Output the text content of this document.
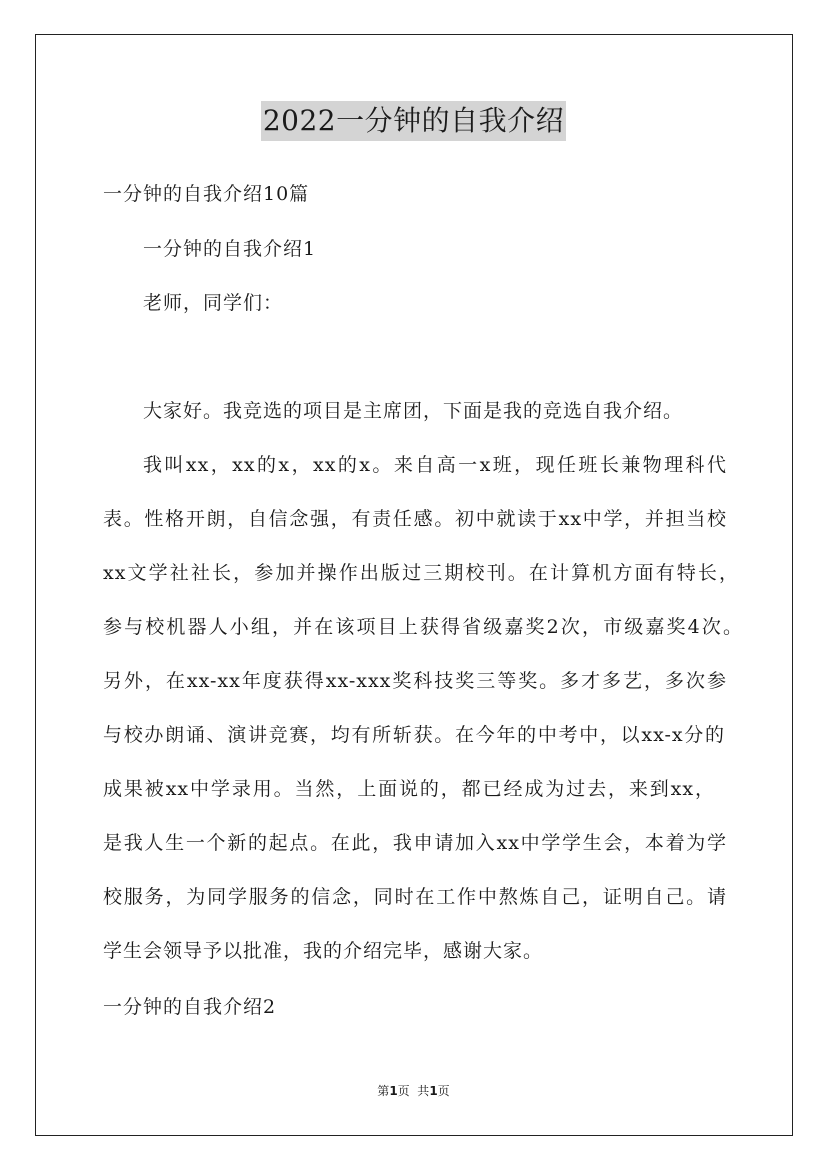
2022一分钟的自我介绍
一分钟的自我介绍10篇
一分钟的自我介绍1
老师，同学们：
大家好。我竞选的项目是主席团，下面是我的竞选自我介绍。
我叫xx，xx的x，xx的x。来自高一x班，现任班长兼物理科代
表。性格开朗，自信念强，有责任感。初中就读于xx中学，并担当校
xx文学社社长，参加并操作出版过三期校刊。在计算机方面有特长，
参与校机器人小组，并在该项目上获得省级嘉奖2次，市级嘉奖4次。
另外，在xx-xx年度获得xx-xxx奖科技奖三等奖。多才多艺，多次参
与校办朗诵、演讲竞赛，均有所斩获。在今年的中考中，以xx-x分的
成果被xx中学录用。当然，上面说的，都已经成为过去，来到xx，
是我人生一个新的起点。在此，我申请加入xx中学学生会，本着为学
校服务，为同学服务的信念，同时在工作中熬炼自己，证明自己。请
学生会领导予以批准，我的介绍完毕，感谢大家。
一分钟的自我介绍2
第1页  共1页
